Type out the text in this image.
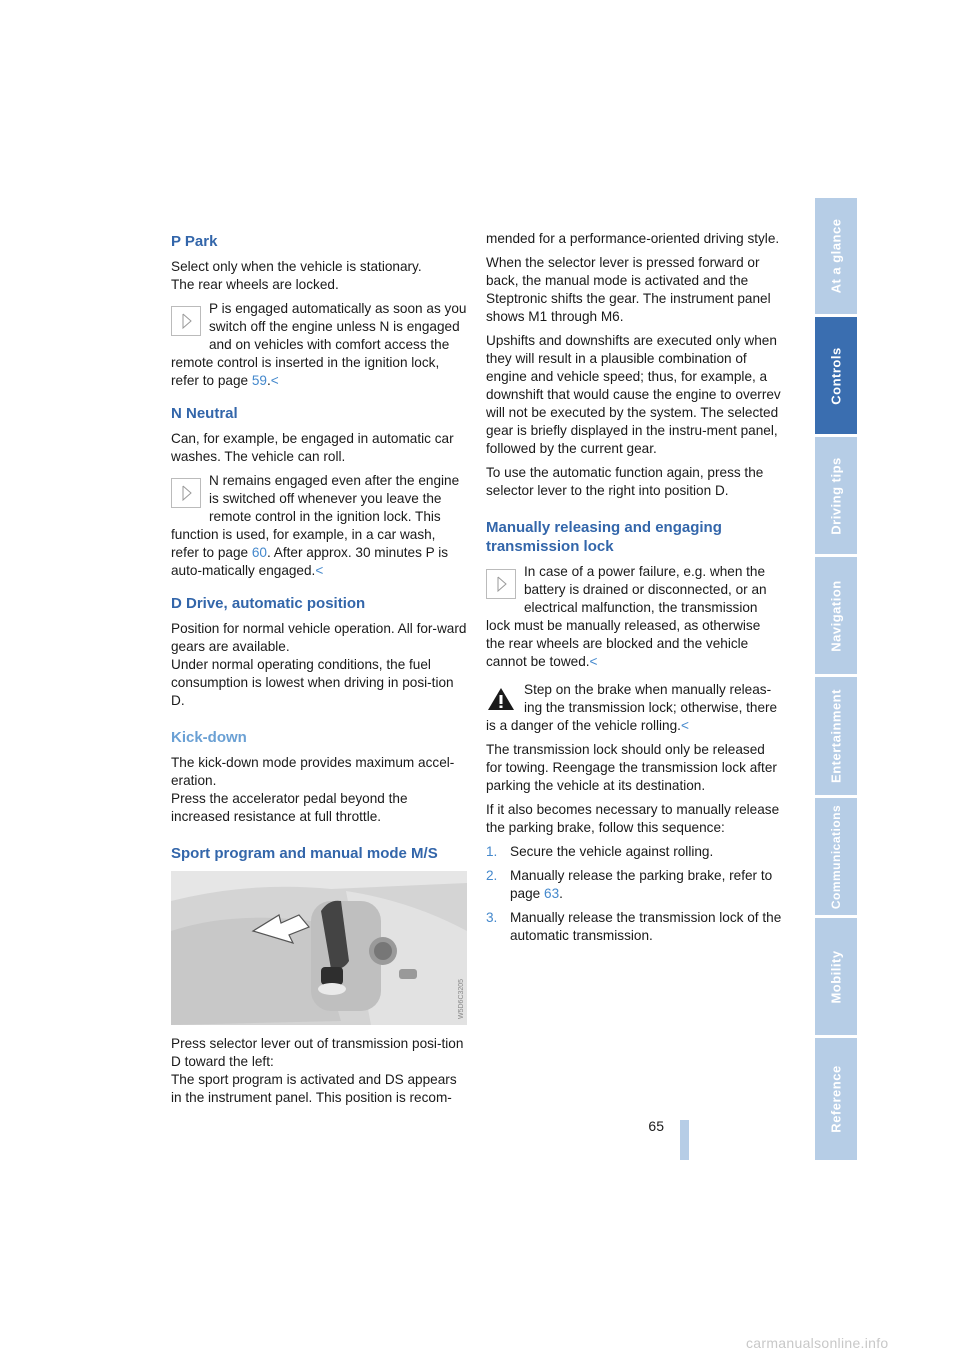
P Park

Select only when the vehicle is stationary.
The rear wheels are locked.

P is engaged automatically as soon as you switch off the engine unless N is engaged and on vehicles with comfort access the remote control is inserted in the ignition lock, refer to page 59.<
N Neutral

Can, for example, be engaged in automatic car washes. The vehicle can roll.

N remains engaged even after the engine is switched off whenever you leave the remote control in the ignition lock. This function is used, for example, in a car wash, refer to page 60. After approx. 30 minutes P is auto-matically engaged.<
D Drive, automatic position

Position for normal vehicle operation. All for-ward gears are available.
Under normal operating conditions, the fuel consumption is lowest when driving in posi-tion D.

Kick-down

The kick-down mode provides maximum accel-eration.
Press the accelerator pedal beyond the increased resistance at full throttle.

Sport program and manual mode M/S
W5D6C3205

Press selector lever out of transmission posi-tion D toward the left:
The sport program is activated and DS appears in the instrument panel. This position is recom-

mended for a performance-oriented driving style.

When the selector lever is pressed forward or back, the manual mode is activated and the Steptronic shifts the gear. The instrument panel shows M1 through M6.

Upshifts and downshifts are executed only when they will result in a plausible combination of engine and vehicle speed; thus, for example, a downshift that would cause the engine to overrev will not be executed by the system. The selected gear is briefly displayed in the instru-ment panel, followed by the current gear.

To use the automatic function again, press the selector lever to the right into position D.

Manually releasing and engaging transmission lock
In case of a power failure, e.g. when the battery is drained or disconnected, or an electrical malfunction, the transmission lock must be manually released, as otherwise the rear wheels are blocked and the vehicle cannot be towed.<
Step on the brake when manually releas-ing the transmission lock; otherwise, there is a danger of the vehicle rolling.<

The transmission lock should only be released for towing. Reengage the transmission lock after parking the vehicle at its destination.

If it also becomes necessary to manually release the parking brake, follow this sequence:

1. Secure the vehicle against rolling.
2. Manually release the parking brake, refer to page 63.
3. Manually release the transmission lock of the automatic transmission.
At a glance
Controls
Driving tips
Navigation
Entertainment
Communications
Mobility
Reference
65
carmanualsonline.info
